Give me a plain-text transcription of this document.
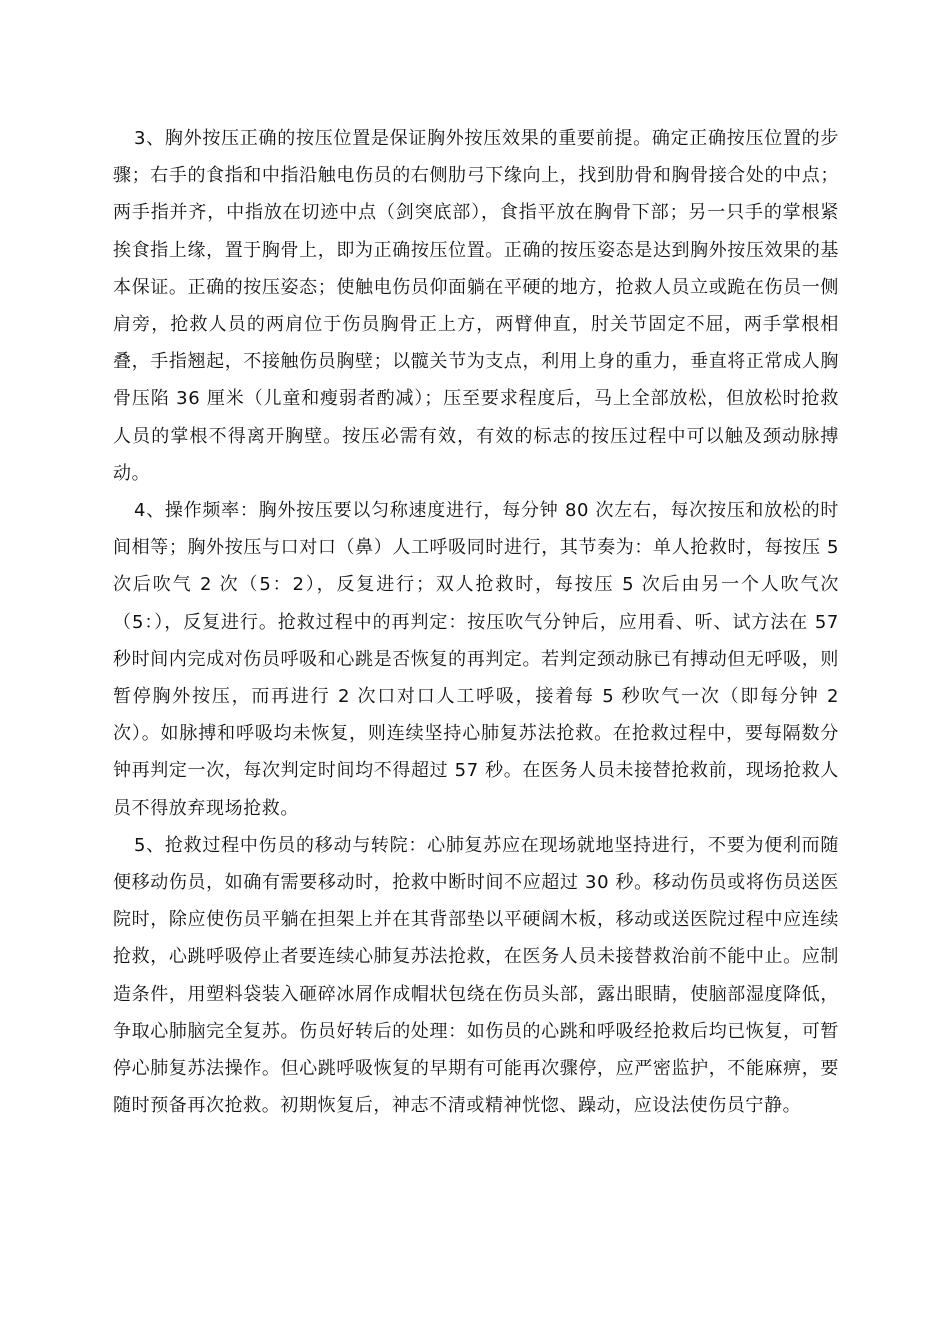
3、胸外按压正确的按压位置是保证胸外按压效果的重要前提。确定正确按压位置的步骤；右手的食指和中指沿触电伤员的右侧肋弓下缘向上，找到肋骨和胸骨接合处的中点；两手指并齐，中指放在切迹中点（剑突底部），食指平放在胸骨下部；另一只手的掌根紧挨食指上缘，置于胸骨上，即为正确按压位置。正确的按压姿态是达到胸外按压效果的基本保证。正确的按压姿态；使触电伤员仰面躺在平硬的地方，抢救人员立或跪在伤员一侧肩旁，抢救人员的两肩位于伤员胸骨正上方，两臂伸直，肘关节固定不屈，两手掌根相叠，手指翘起，不接触伤员胸壁；以髋关节为支点，利用上身的重力，垂直将正常成人胸骨压陷 36 厘米（儿童和瘦弱者酌减）；压至要求程度后，马上全部放松，但放松时抢救人员的掌根不得离开胸壁。按压必需有效，有效的标志的按压过程中可以触及颈动脉搏动。

4、操作频率：胸外按压要以匀称速度进行，每分钟 80 次左右，每次按压和放松的时间相等；胸外按压与口对口（鼻）人工呼吸同时进行，其节奏为：单人抢救时，每按压 5 次后吹气 2 次（5：2），反复进行；双人抢救时，每按压 5 次后由另一个人吹气次（5：），反复进行。抢救过程中的再判定：按压吹气分钟后，应用看、听、试方法在 57 秒时间内完成对伤员呼吸和心跳是否恢复的再判定。若判定颈动脉已有搏动但无呼吸，则暂停胸外按压，而再进行 2 次口对口人工呼吸，接着每 5 秒吹气一次（即每分钟 2 次）。如脉搏和呼吸均未恢复，则连续坚持心肺复苏法抢救。在抢救过程中，要每隔数分钟再判定一次，每次判定时间均不得超过 57 秒。在医务人员未接替抢救前，现场抢救人员不得放弃现场抢救。

5、抢救过程中伤员的移动与转院：心肺复苏应在现场就地坚持进行，不要为便利而随便移动伤员，如确有需要移动时，抢救中断时间不应超过 30 秒。移动伤员或将伤员送医院时，除应使伤员平躺在担架上并在其背部垫以平硬阔木板，移动或送医院过程中应连续抢救，心跳呼吸停止者要连续心肺复苏法抢救，在医务人员未接替救治前不能中止。应制造条件，用塑料袋装入砸碎冰屑作成帽状包绕在伤员头部，露出眼睛，使脑部湿度降低，争取心肺脑完全复苏。伤员好转后的处理：如伤员的心跳和呼吸经抢救后均已恢复，可暂停心肺复苏法操作。但心跳呼吸恢复的早期有可能再次骤停，应严密监护，不能麻痹，要随时预备再次抢救。初期恢复后，神志不清或精神恍惚、躁动，应设法使伤员宁静。
